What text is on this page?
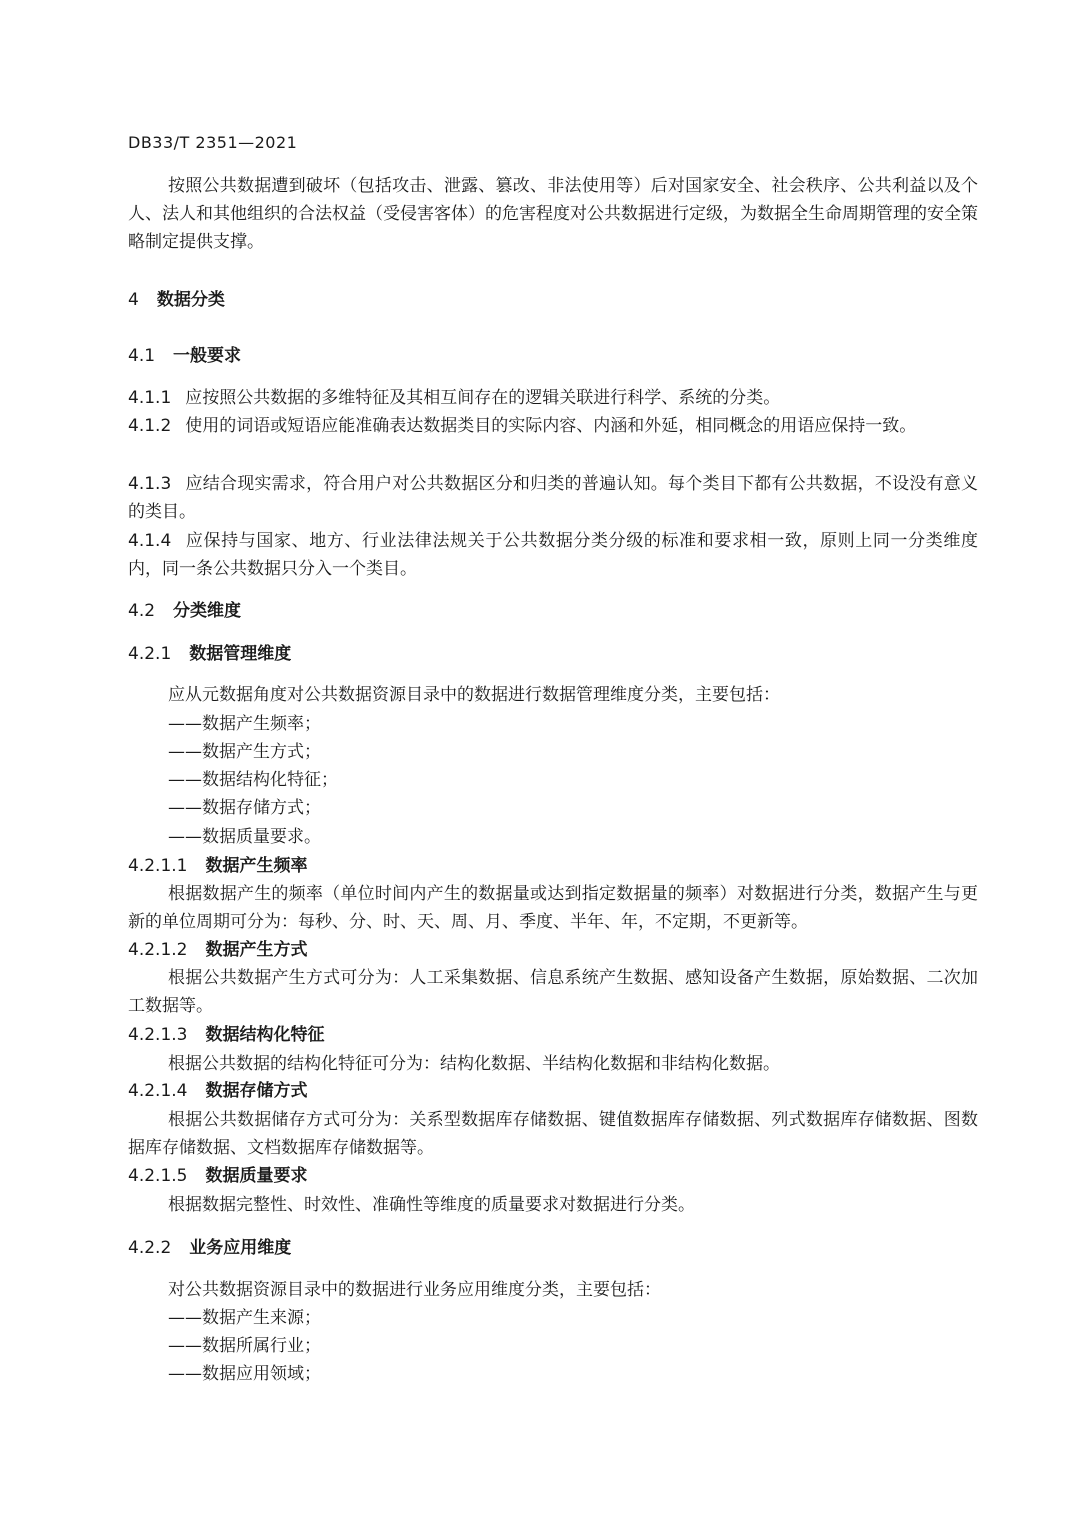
DB33/T 2351—2021
按照公共数据遭到破坏（包括攻击、泄露、篡改、非法使用等）后对国家安全、社会秩序、公共利益以及个人、法人和其他组织的合法权益（受侵害客体）的危害程度对公共数据进行定级，为数据全生命周期管理的安全策略制定提供支撑。
4 数据分类
4.1 一般要求
4.1.1 应按照公共数据的多维特征及其相互间存在的逻辑关联进行科学、系统的分类。
4.1.2 使用的词语或短语应能准确表达数据类目的实际内容、内涵和外延，相同概念的用语应保持一致。
4.1.3 应结合现实需求，符合用户对公共数据区分和归类的普遍认知。每个类目下都有公共数据，不设没有意义的类目。
4.1.4 应保持与国家、地方、行业法律法规关于公共数据分类分级的标准和要求相一致，原则上同一分类维度内，同一条公共数据只分入一个类目。
4.2 分类维度
4.2.1 数据管理维度
应从元数据角度对公共数据资源目录中的数据进行数据管理维度分类，主要包括：
——数据产生频率；
——数据产生方式；
——数据结构化特征；
——数据存储方式；
——数据质量要求。
4.2.1.1 数据产生频率
根据数据产生的频率（单位时间内产生的数据量或达到指定数据量的频率）对数据进行分类，数据产生与更新的单位周期可分为：每秒、分、时、天、周、月、季度、半年、年，不定期，不更新等。
4.2.1.2 数据产生方式
根据公共数据产生方式可分为：人工采集数据、信息系统产生数据、感知设备产生数据，原始数据、二次加工数据等。
4.2.1.3 数据结构化特征
根据公共数据的结构化特征可分为：结构化数据、半结构化数据和非结构化数据。
4.2.1.4 数据存储方式
根据公共数据储存方式可分为：关系型数据库存储数据、键值数据库存储数据、列式数据库存储数据、图数据库存储数据、文档数据库存储数据等。
4.2.1.5 数据质量要求
根据数据完整性、时效性、准确性等维度的质量要求对数据进行分类。
4.2.2 业务应用维度
对公共数据资源目录中的数据进行业务应用维度分类，主要包括：
——数据产生来源；
——数据所属行业；
——数据应用领域；
